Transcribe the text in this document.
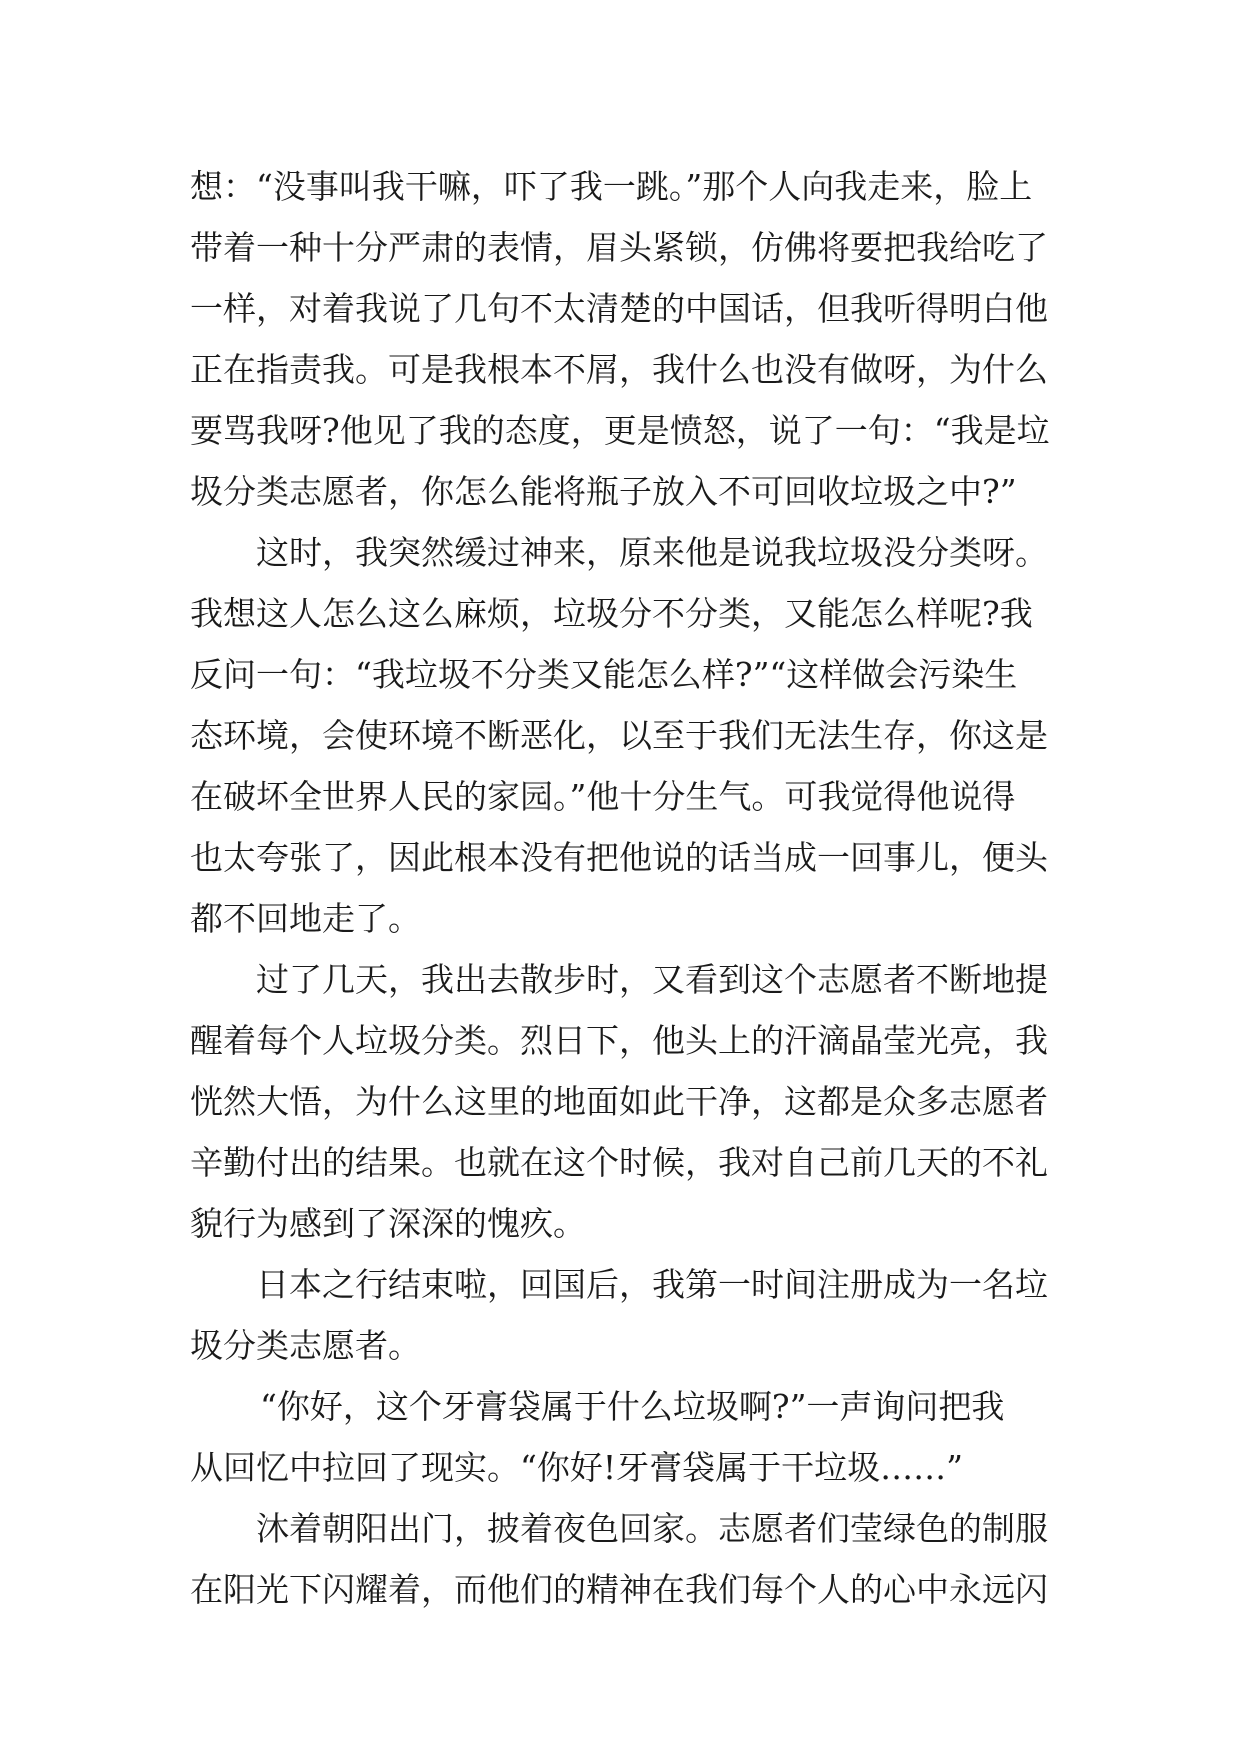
想：“没事叫我干嘛，吓了我一跳。”那个人向我走来，脸上
带着一种十分严肃的表情，眉头紧锁，仿佛将要把我给吃了
一样，对着我说了几句不太清楚的中国话，但我听得明白他
正在指责我。可是我根本不屑，我什么也没有做呀，为什么
要骂我呀?他见了我的态度，更是愤怒，说了一句：“我是垃
圾分类志愿者，你怎么能将瓶子放入不可回收垃圾之中?”
这时，我突然缓过神来，原来他是说我垃圾没分类呀。
我想这人怎么这么麻烦，垃圾分不分类，又能怎么样呢?我
反问一句：“我垃圾不分类又能怎么样?”“这样做会污染生
态环境，会使环境不断恶化，以至于我们无法生存，你这是
在破坏全世界人民的家园。”他十分生气。可我觉得他说得
也太夸张了，因此根本没有把他说的话当成一回事儿，便头
都不回地走了。
过了几天，我出去散步时，又看到这个志愿者不断地提
醒着每个人垃圾分类。烈日下，他头上的汗滴晶莹光亮，我
恍然大悟，为什么这里的地面如此干净，这都是众多志愿者
辛勤付出的结果。也就在这个时候，我对自己前几天的不礼
貌行为感到了深深的愧疚。
日本之行结束啦，回国后，我第一时间注册成为一名垃
圾分类志愿者。
“你好，这个牙膏袋属于什么垃圾啊?”一声询问把我
从回忆中拉回了现实。“你好!牙膏袋属于干垃圾……”
沐着朝阳出门，披着夜色回家。志愿者们莹绿色的制服
在阳光下闪耀着，而他们的精神在我们每个人的心中永远闪
